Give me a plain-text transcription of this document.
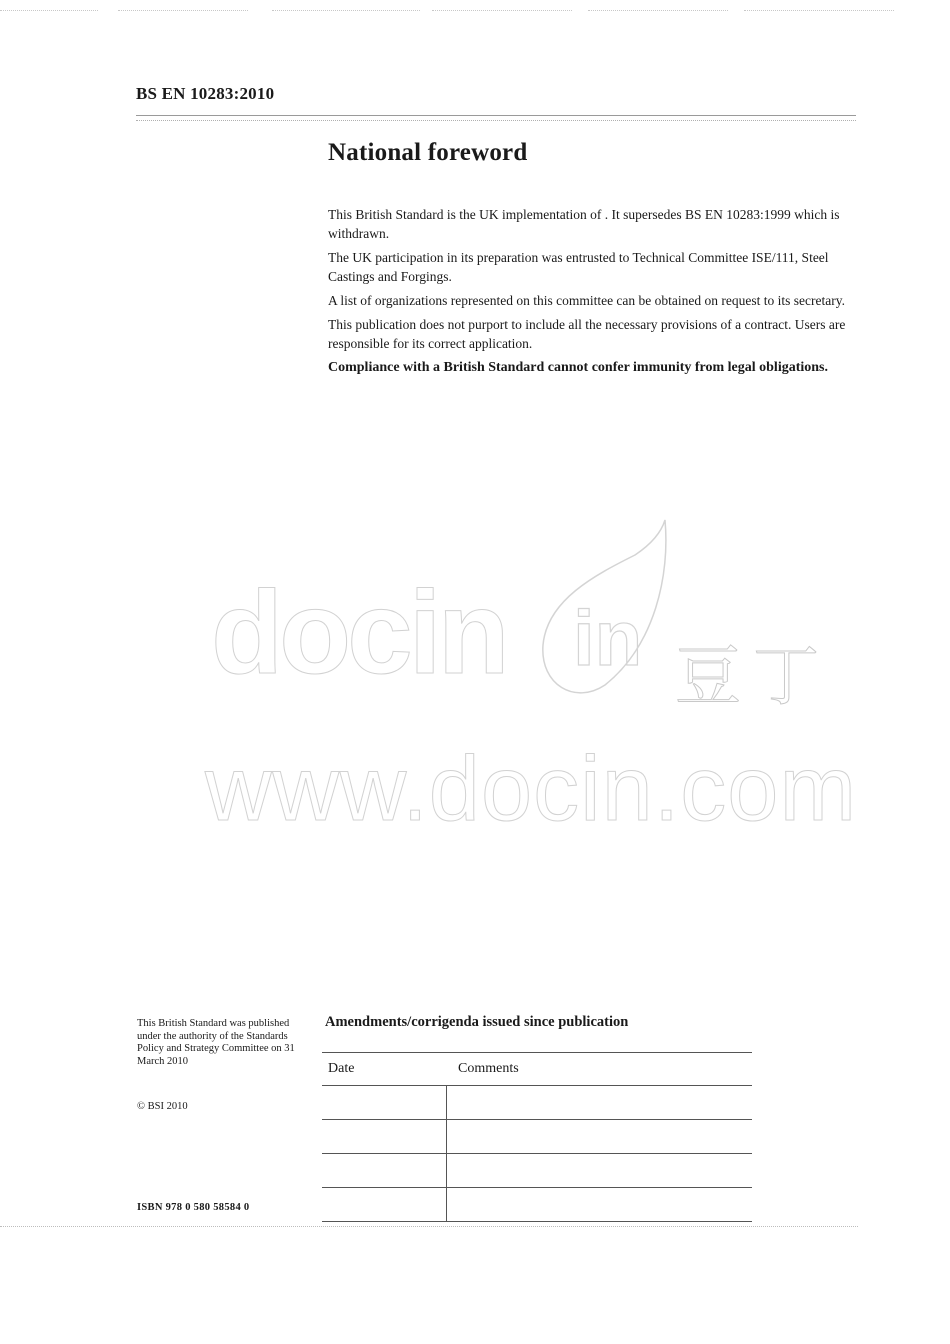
BS EN 10283:2010
National foreword

This British Standard is the UK implementation of . It supersedes BS EN 10283:1999 which is withdrawn.

The UK participation in its preparation was entrusted to Technical Committee ISE/111, Steel Castings and Forgings.

A list of organizations represented on this committee can be obtained on request to its secretary.

This publication does not purport to include all the necessary provisions of a contract. Users are responsible for its correct application.

Compliance with a British Standard cannot confer immunity from legal obligations.

in
docin	豆丁
www.docin.com

This British Standard was published under the authority of the Standards Policy and Strategy Committee on 31 March 2010

© BSI 2010

ISBN 978 0 580 58584 0

Amendments/corrigenda issued since publication
Date	Comments
